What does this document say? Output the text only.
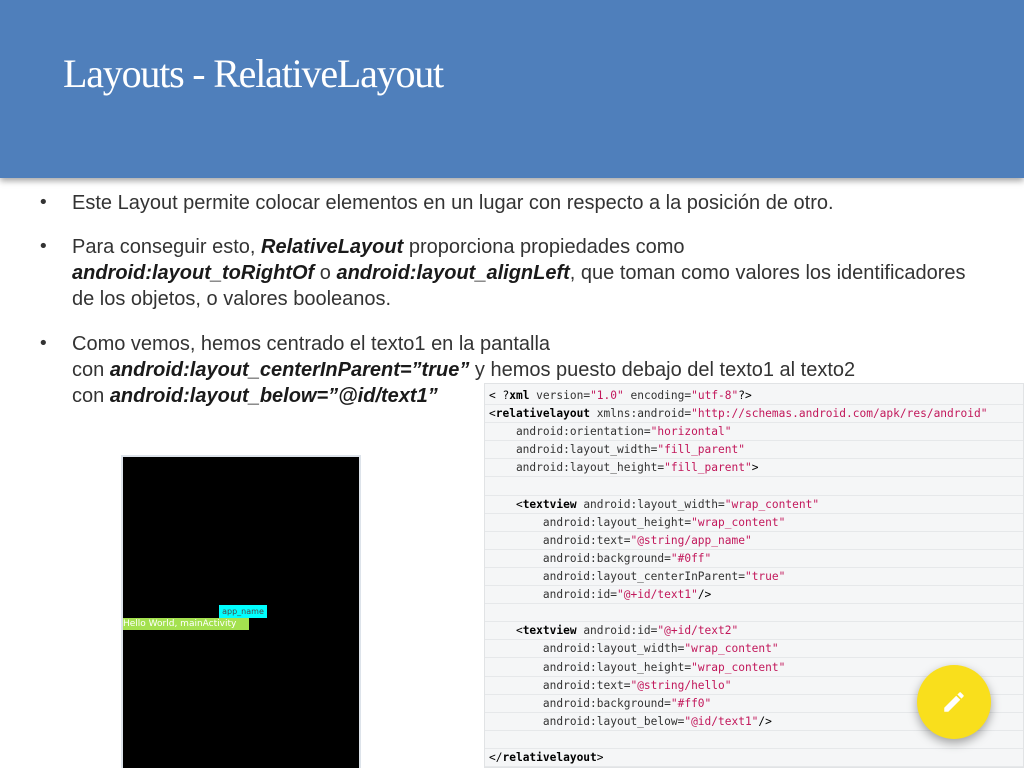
Layouts - RelativeLayout
• Este Layout permite colocar elementos en un lugar con respecto a la posición de otro.
• Para conseguir esto, RelativeLayout proporciona propiedades como
android:layout_toRightOf o android:layout_alignLeft, que toman como valores los identificadores de los objetos, o valores booleanos.
• Como vemos, hemos centrado el texto1 en la pantalla
con android:layout_centerInParent=”true” y hemos puesto debajo del texto1 al texto2
con android:layout_below=”@id/text1”
app_name
Hello World, mainActivity
< ?xml version="1.0" encoding="utf-8"?>
<relativelayout xmlns:android="http://schemas.android.com/apk/res/android"
android:orientation="horizontal"
android:layout_width="fill_parent"
android:layout_height="fill_parent">

<textview android:layout_width="wrap_content"
android:layout_height="wrap_content"
android:text="@string/app_name"
android:background="#0ff"
android:layout_centerInParent="true"
android:id="@+id/text1"/>

<textview android:id="@+id/text2"
android:layout_width="wrap_content"
android:layout_height="wrap_content"
android:text="@string/hello"
android:background="#ff0"
android:layout_below="@id/text1"/>

</relativelayout>
